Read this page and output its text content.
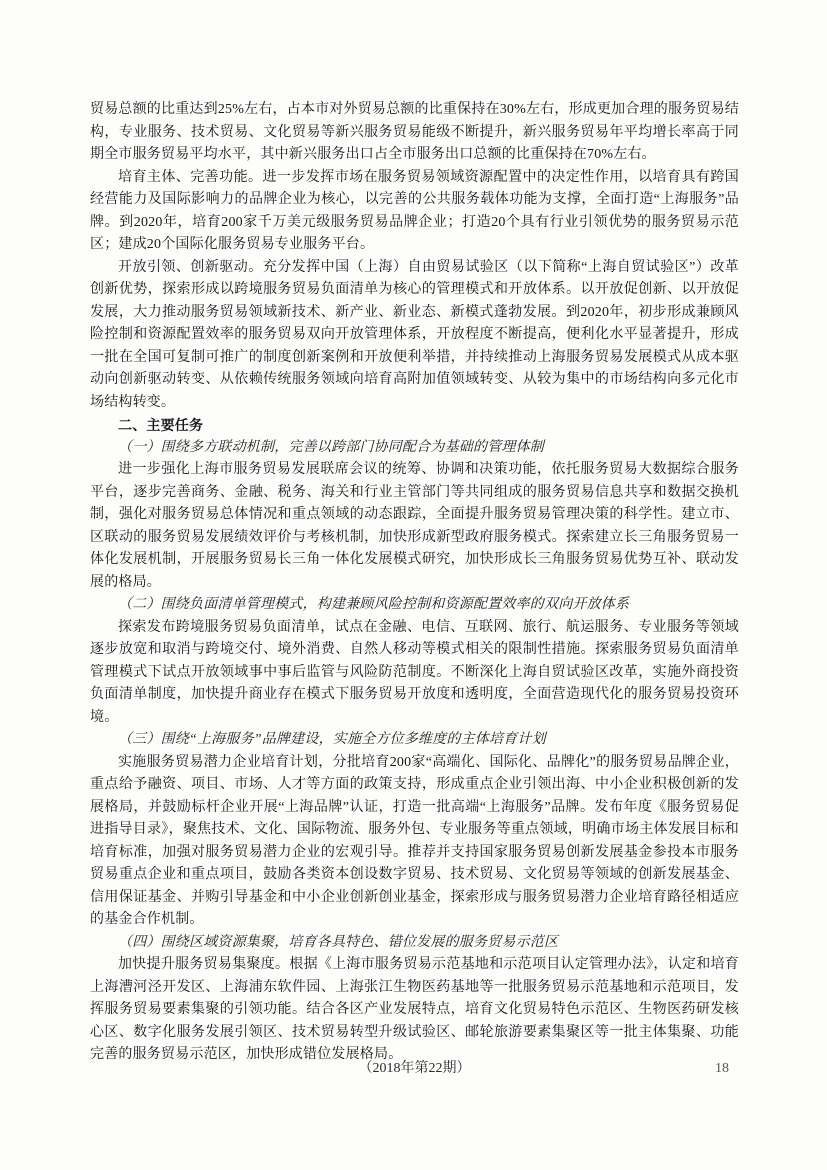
贸易总额的比重达到25%左右，占本市对外贸易总额的比重保持在30%左右，形成更加合理的服务贸易结构，专业服务、技术贸易、文化贸易等新兴服务贸易能级不断提升，新兴服务贸易年平均增长率高于同期全市服务贸易平均水平，其中新兴服务出口占全市服务出口总额的比重保持在70%左右。

培育主体、完善功能。进一步发挥市场在服务贸易领域资源配置中的决定性作用，以培育具有跨国经营能力及国际影响力的品牌企业为核心，以完善的公共服务载体功能为支撑，全面打造“上海服务”品牌。到2020年，培育200家千万美元级服务贸易品牌企业；打造20个具有行业引领优势的服务贸易示范区；建成20个国际化服务贸易专业服务平台。

开放引领、创新驱动。充分发挥中国（上海）自由贸易试验区（以下简称“上海自贸试验区”）改革创新优势，探索形成以跨境服务贸易负面清单为核心的管理模式和开放体系。以开放促创新、以开放促发展，大力推动服务贸易领域新技术、新产业、新业态、新模式蓬勃发展。到2020年，初步形成兼顾风险控制和资源配置效率的服务贸易双向开放管理体系，开放程度不断提高，便利化水平显著提升，形成一批在全国可复制可推广的制度创新案例和开放便利举措，并持续推动上海服务贸易发展模式从成本驱动向创新驱动转变、从依赖传统服务领域向培育高附加值领域转变、从较为集中的市场结构向多元化市场结构转变。

二、主要任务

（一）围绕多方联动机制，完善以跨部门协同配合为基础的管理体制

进一步强化上海市服务贸易发展联席会议的统筹、协调和决策功能，依托服务贸易大数据综合服务平台，逐步完善商务、金融、税务、海关和行业主管部门等共同组成的服务贸易信息共享和数据交换机制，强化对服务贸易总体情况和重点领域的动态跟踪，全面提升服务贸易管理决策的科学性。建立市、区联动的服务贸易发展绩效评价与考核机制，加快形成新型政府服务模式。探索建立长三角服务贸易一体化发展机制，开展服务贸易长三角一体化发展模式研究，加快形成长三角服务贸易优势互补、联动发展的格局。

（二）围绕负面清单管理模式，构建兼顾风险控制和资源配置效率的双向开放体系

探索发布跨境服务贸易负面清单，试点在金融、电信、互联网、旅行、航运服务、专业服务等领域逐步放宽和取消与跨境交付、境外消费、自然人移动等模式相关的限制性措施。探索服务贸易负面清单管理模式下试点开放领域事中事后监管与风险防范制度。不断深化上海自贸试验区改革，实施外商投资负面清单制度，加快提升商业存在模式下服务贸易开放度和透明度，全面营造现代化的服务贸易投资环境。

（三）围绕“上海服务”品牌建设，实施全方位多维度的主体培育计划

实施服务贸易潜力企业培育计划，分批培育200家“高端化、国际化、品牌化”的服务贸易品牌企业，重点给予融资、项目、市场、人才等方面的政策支持，形成重点企业引领出海、中小企业积极创新的发展格局，并鼓励标杆企业开展“上海品牌”认证，打造一批高端“上海服务”品牌。发布年度《服务贸易促进指导目录》，聚焦技术、文化、国际物流、服务外包、专业服务等重点领域，明确市场主体发展目标和培育标准，加强对服务贸易潜力企业的宏观引导。推荐并支持国家服务贸易创新发展基金参投本市服务贸易重点企业和重点项目，鼓励各类资本创设数字贸易、技术贸易、文化贸易等领域的创新发展基金、信用保证基金、并购引导基金和中小企业创新创业基金，探索形成与服务贸易潜力企业培育路径相适应的基金合作机制。

（四）围绕区域资源集聚，培育各具特色、错位发展的服务贸易示范区

加快提升服务贸易集聚度。根据《上海市服务贸易示范基地和示范项目认定管理办法》，认定和培育上海漕河泾开发区、上海浦东软件园、上海张江生物医药基地等一批服务贸易示范基地和示范项目，发挥服务贸易要素集聚的引领功能。结合各区产业发展特点，培育文化贸易特色示范区、生物医药研发核心区、数字化服务发展引领区、技术贸易转型升级试验区、邮轮旅游要素集聚区等一批主体集聚、功能完善的服务贸易示范区，加快形成错位发展格局。

（2018年第22期）	18
